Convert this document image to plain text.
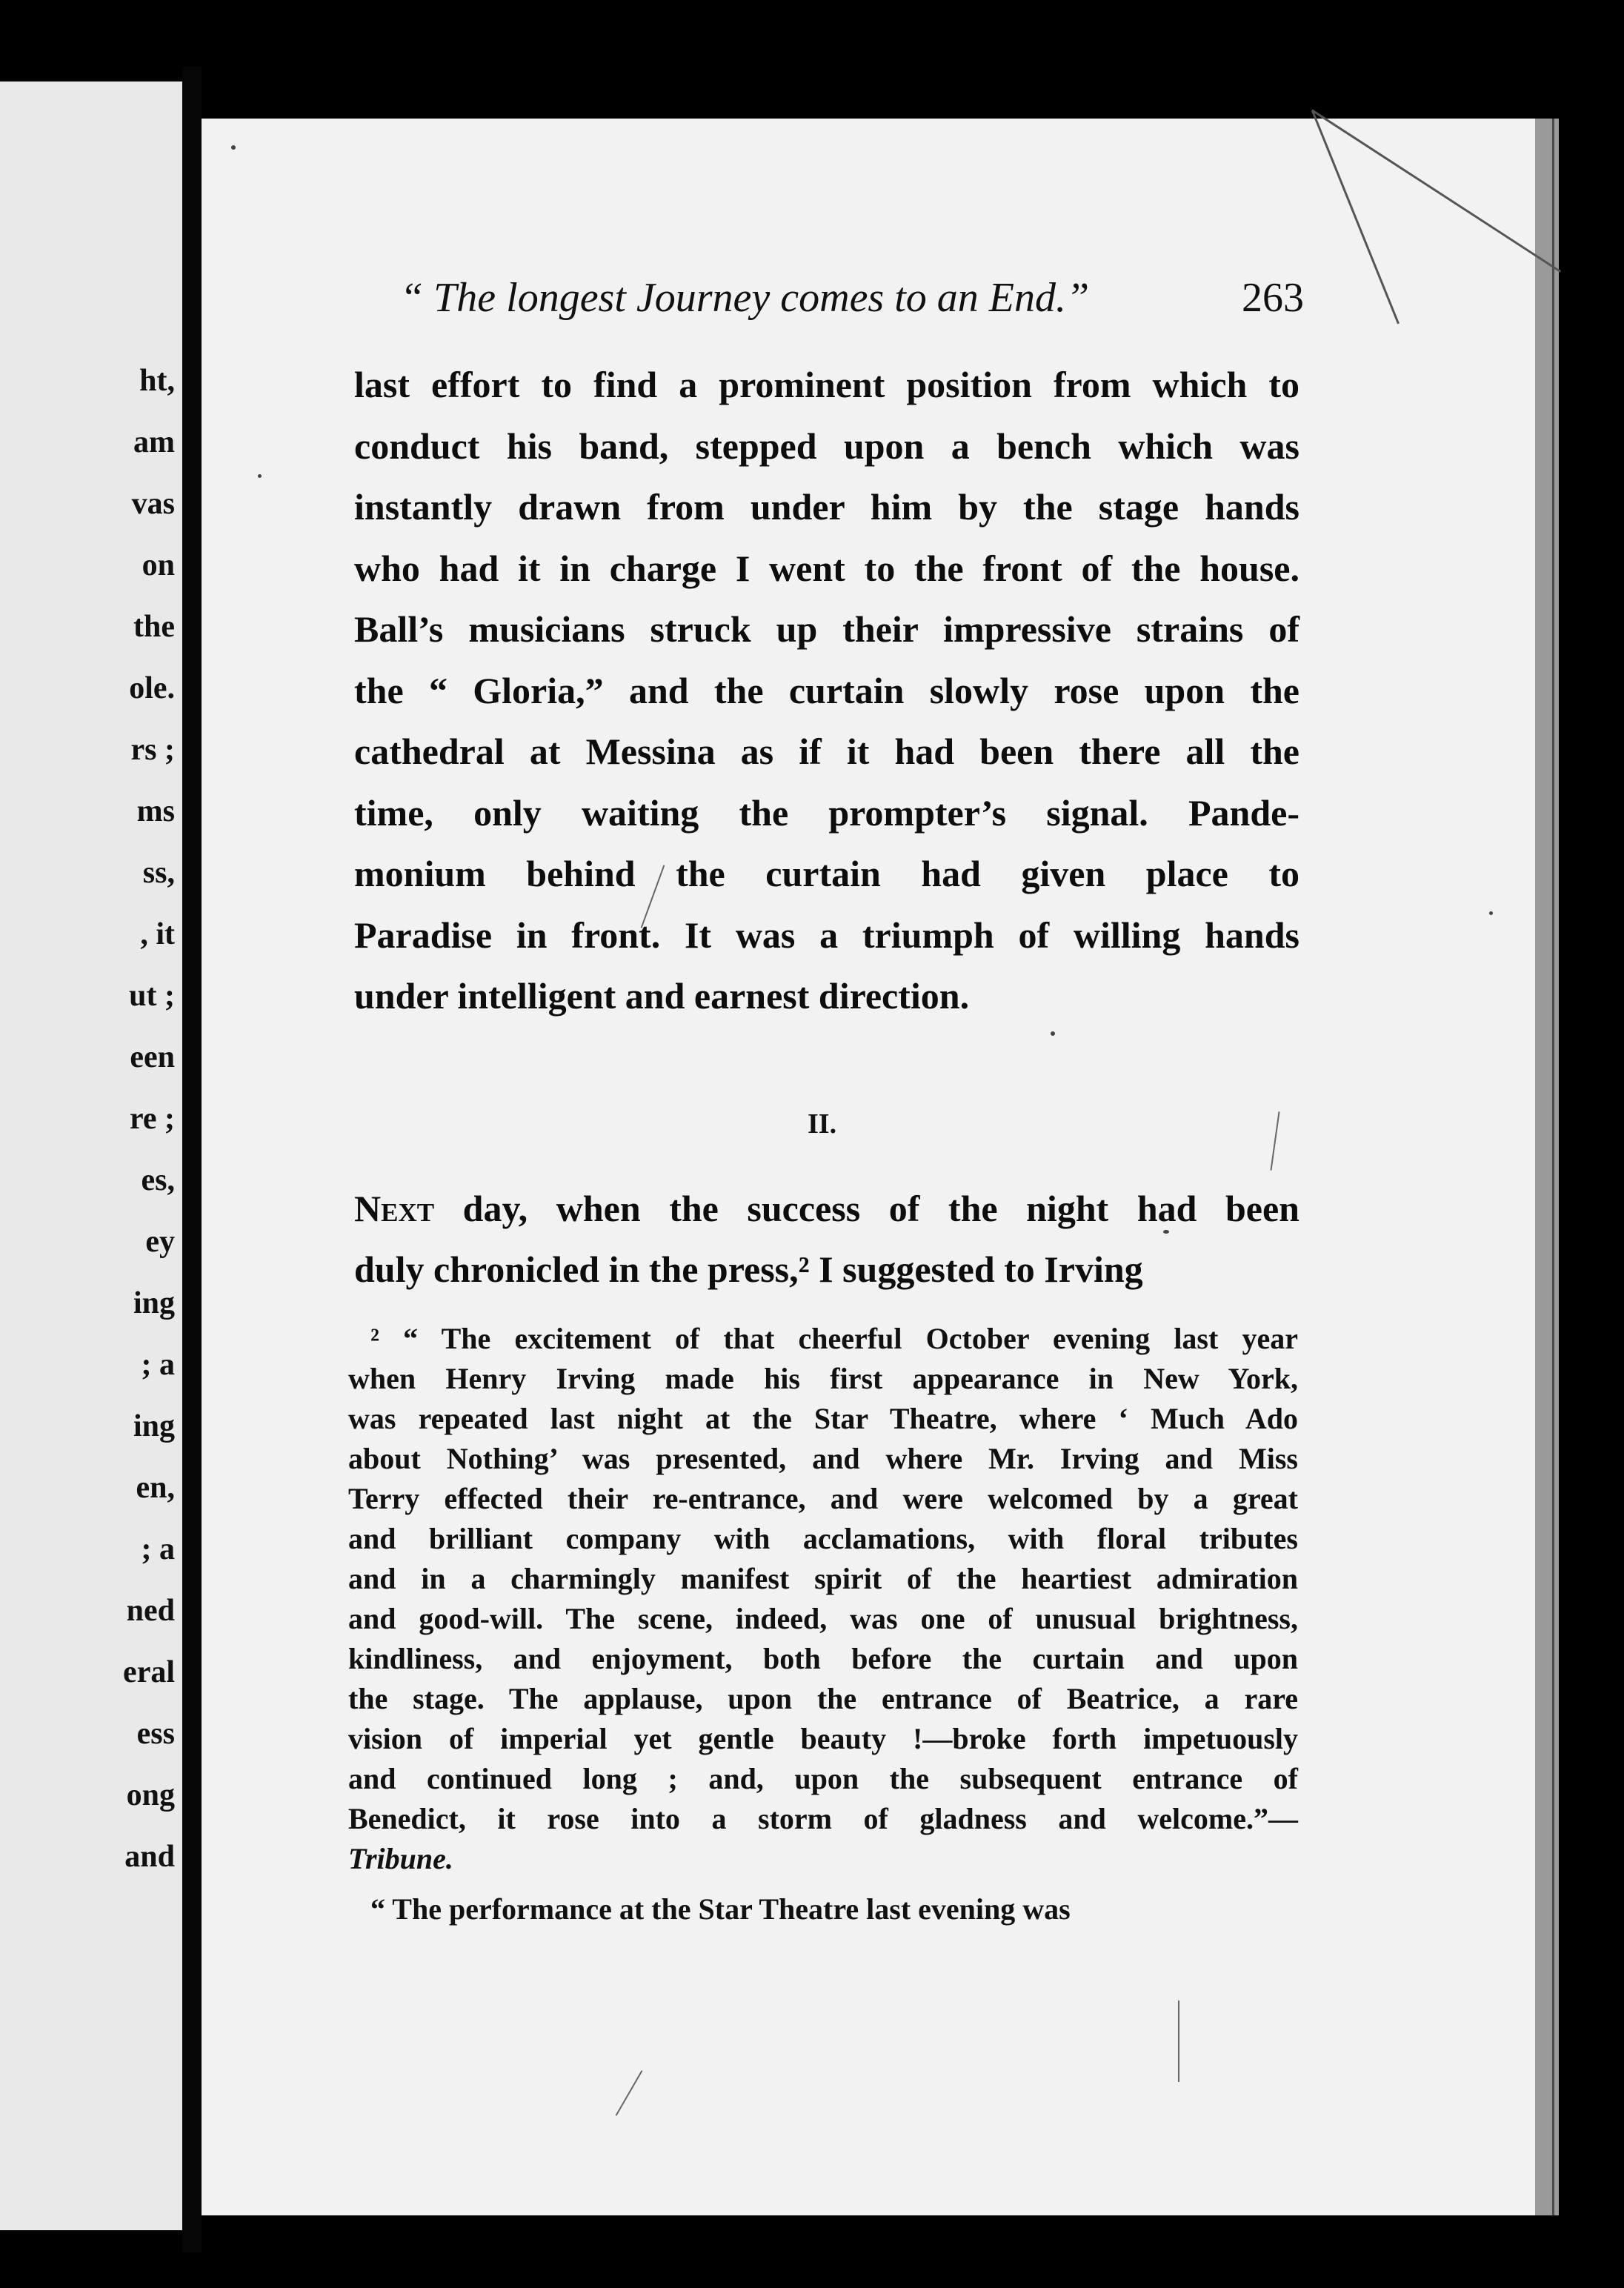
ht,
am
vas
on
the
ole.
rs ;
ms
ss,
, it
ut ;
een
re ;
es,
ey
ing
; a
ing
en,
; a
ned
eral
ess
ong
and
“ The longest Journey comes to an End.”	263
last effort to find a prominent position from which to
conduct his band, stepped upon a bench which was
instantly drawn from under him by the stage hands
who had it in charge I went to the front of the house.
Ball’s musicians struck up their impressive strains of
the “ Gloria,” and the curtain slowly rose upon the
cathedral at Messina as if it had been there all the
time, only waiting the prompter’s signal. Pande-
monium behind the curtain had given place to
Paradise in front. It was a triumph of willing hands
under intelligent and earnest direction.
II.
Next day, when the success of the night had been
duly chronicled in the press,² I suggested to Irving
² “ The excitement of that cheerful October evening last year
when Henry Irving made his first appearance in New York,
was repeated last night at the Star Theatre, where ‘ Much Ado
about Nothing’ was presented, and where Mr. Irving and Miss
Terry effected their re-entrance, and were welcomed by a great
and brilliant company with acclamations, with floral tributes
and in a charmingly manifest spirit of the heartiest admiration
and good-will. The scene, indeed, was one of unusual brightness,
kindliness, and enjoyment, both before the curtain and upon
the stage. The applause, upon the entrance of Beatrice, a rare
vision of imperial yet gentle beauty !—broke forth impetuously
and continued long ; and, upon the subsequent entrance of
Benedict, it rose into a storm of gladness and welcome.”—
Tribune.
“ The performance at the Star Theatre last evening was
